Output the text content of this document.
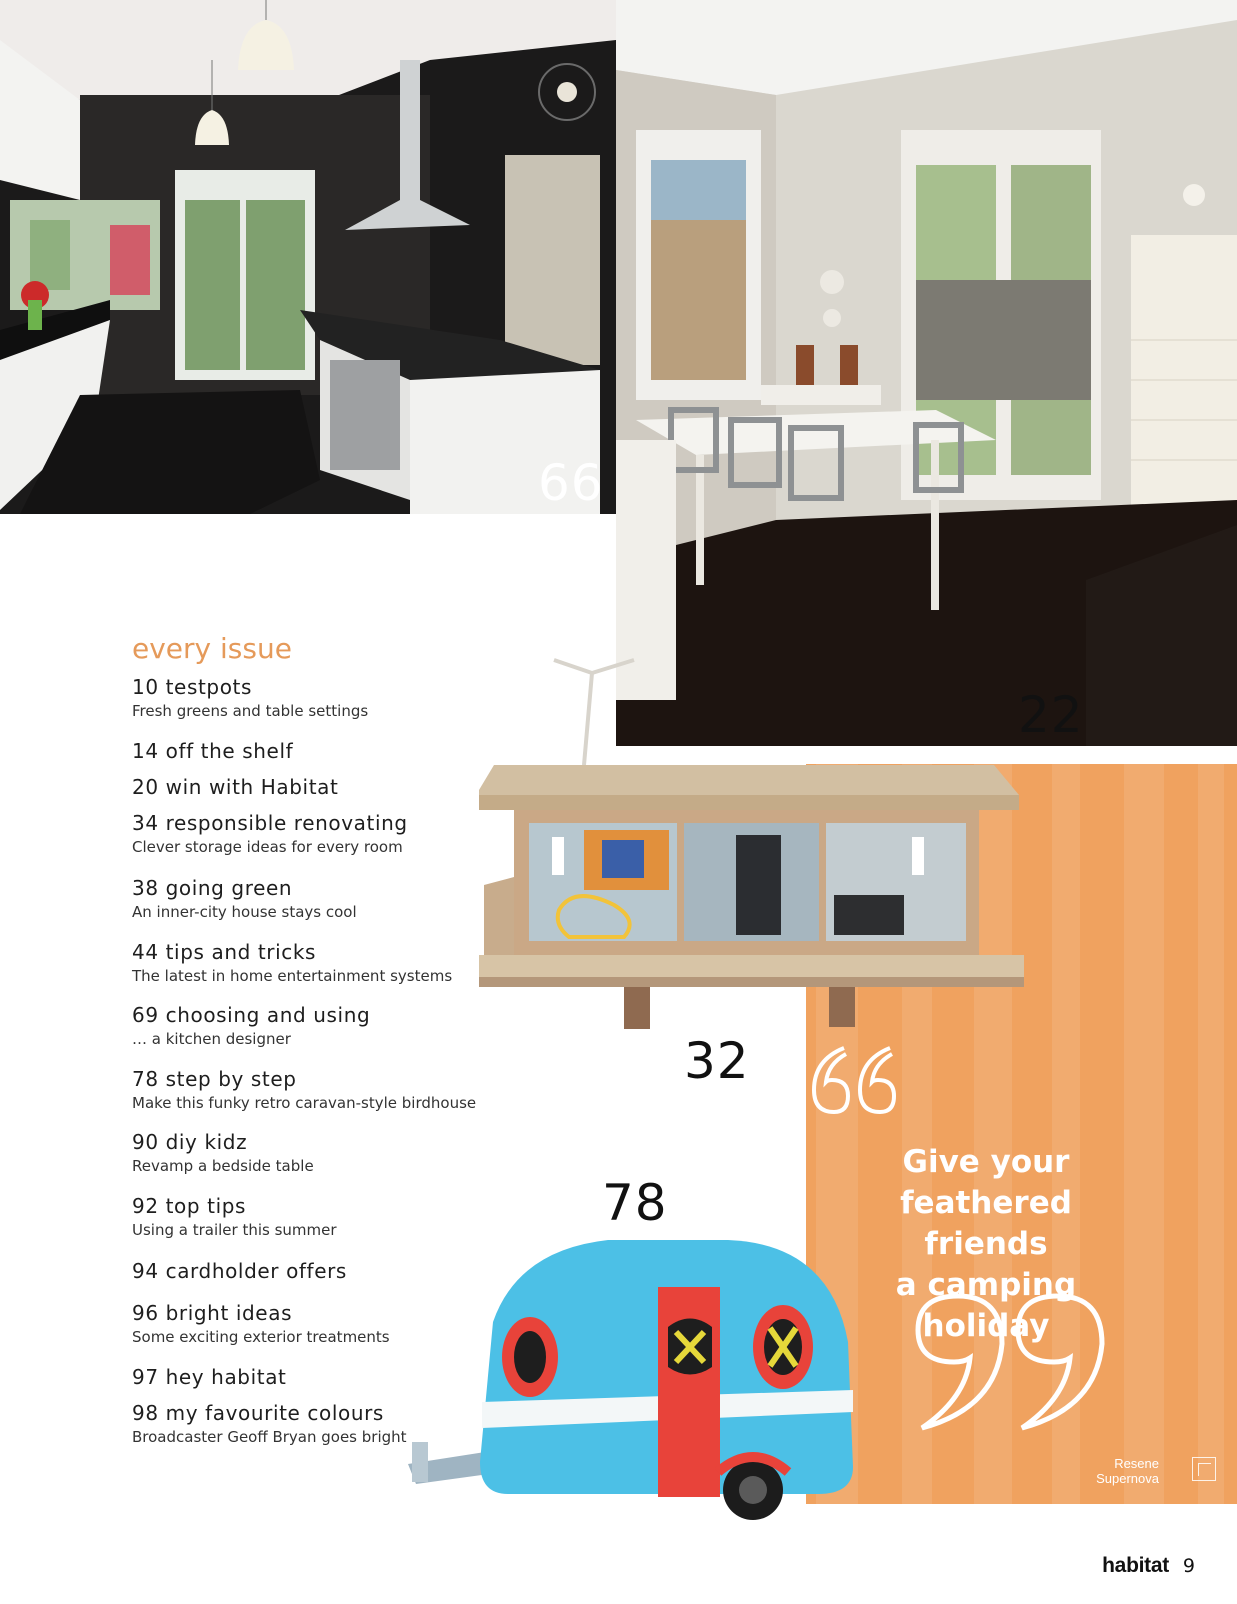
66
22
Give your
feathered friends
a camping
holiday
Resene
Supernova
32
78
every issue
10 testpots
Fresh greens and table settings
14 off the shelf
20 win with Habitat
34 responsible renovating
Clever storage ideas for every room
38 going green
An inner-city house stays cool
44 tips and tricks
The latest in home entertainment systems
69 choosing and using
… a kitchen designer
78 step by step
Make this funky retro caravan-style birdhouse
90 diy kidz
Revamp a bedside table
92 top tips
Using a trailer this summer
94 cardholder offers
96 bright ideas
Some exciting exterior treatments
97 hey habitat
98 my favourite colours
Broadcaster Geoff Bryan goes bright
habitat 9
